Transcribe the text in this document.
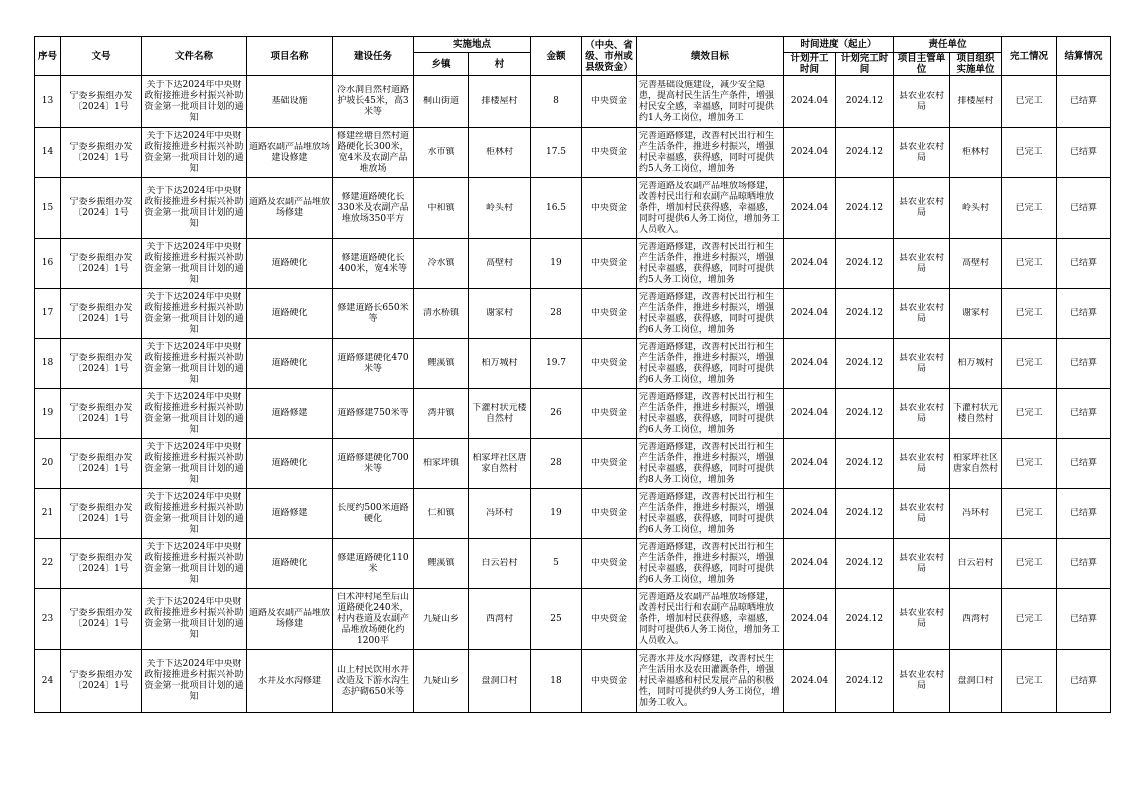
序号	文号	文件名称	项目名称	建设任务	实施地点		金额	（中央、省级、市州或县级资金）	绩效目标	时间进度（起止）		责任单位		完工情况	结算情况
					乡镇	村				计划开工时间	计划完工时间	项目主管单位	项目组织实施单位		

13	宁委乡振组办发〔2024〕1号	关于下达2024年中央财政衔接推进乡村振兴补助资金第一批项目计划的通知	基础设施	冷水洞自然村道路护坡长45米，高3米等	桐山街道	排楼屋村	8	中央资金	完善基础设施建设，减少安全隐患，提高村民生活生产条件，增强村民安全感，幸福感，同时可提供约1人务工岗位，增加务工	2024.04	2024.12	县农业农村局	排楼屋村	已完工	已结算

14	宁委乡振组办发〔2024〕1号	关于下达2024年中央财政衔接推进乡村振兴补助资金第一批项目计划的通知	道路农副产品堆放场建设修建	修建丝塘自然村道路硬化长300米，宽4米及农副产品堆放场	水市镇	柜林村	17.5	中央资金	完善道路修建，改善村民出行和生产生活条件，推进乡村振兴，增强村民幸福感，获得感，同时可提供约5人务工岗位，增加务	2024.04	2024.12	县农业农村局	柜林村	已完工	已结算

15	宁委乡振组办发〔2024〕1号	关于下达2024年中央财政衔接推进乡村振兴补助资金第一批项目计划的通知	道路及农副产品堆放场修建	修建道路硬化长330米及农副产品堆放场350平方	中和镇	岭头村	16.5	中央资金	完善道路及农副产品堆放场修建，改善村民出行和农副产品晾晒堆放条件，增加村民获得感，幸福感，同时可提供6人务工岗位，增加务工人员收入。	2024.04	2024.12	县农业农村局	岭头村	已完工	已结算

16	宁委乡振组办发〔2024〕1号	关于下达2024年中央财政衔接推进乡村振兴补助资金第一批项目计划的通知	道路硬化	修建道路硬化长400米，宽4米等	冷水镇	高壁村	19	中央资金	完善道路修建，改善村民出行和生产生活条件，推进乡村振兴，增强村民幸福感，获得感，同时可提供约5人务工岗位，增加务	2024.04	2024.12	县农业农村局	高壁村	已完工	已结算

17	宁委乡振组办发〔2024〕1号	关于下达2024年中央财政衔接推进乡村振兴补助资金第一批项目计划的通知	道路硬化	修建道路长650米等	清水桥镇	谢家村	28	中央资金	完善道路修建，改善村民出行和生产生活条件，推进乡村振兴，增强村民幸福感，获得感，同时可提供约6人务工岗位，增加务	2024.04	2024.12	县农业农村局	谢家村	已完工	已结算

18	宁委乡振组办发〔2024〕1号	关于下达2024年中央财政衔接推进乡村振兴补助资金第一批项目计划的通知	道路硬化	道路修建硬化470米等	鲤溪镇	柏万城村	19.7	中央资金	完善道路修建，改善村民出行和生产生活条件，推进乡村振兴，增强村民幸福感，获得感，同时可提供约6人务工岗位，增加务	2024.04	2024.12	县农业农村局	柏万城村	已完工	已结算

19	宁委乡振组办发〔2024〕1号	关于下达2024年中央财政衔接推进乡村振兴补助资金第一批项目计划的通知	道路修建	道路修建750米等	湾井镇	下灌村状元楼自然村	26	中央资金	完善道路修建，改善村民出行和生产生活条件，推进乡村振兴，增强村民幸福感，获得感，同时可提供约6人务工岗位，增加务	2024.04	2024.12	县农业农村局	下灌村状元楼自然村	已完工	已结算

20	宁委乡振组办发〔2024〕1号	关于下达2024年中央财政衔接推进乡村振兴补助资金第一批项目计划的通知	道路硬化	道路修建硬化700米等	柏家坪镇	柏家坪社区唐家自然村	28	中央资金	完善道路修建，改善村民出行和生产生活条件，推进乡村振兴，增强村民幸福感，获得感，同时可提供约8人务工岗位，增加务	2024.04	2024.12	县农业农村局	柏家坪社区唐家自然村	已完工	已结算

21	宁委乡振组办发〔2024〕1号	关于下达2024年中央财政衔接推进乡村振兴补助资金第一批项目计划的通知	道路修建	长度约500米道路硬化	仁和镇	冯环村	19	中央资金	完善道路修建，改善村民出行和生产生活条件，推进乡村振兴，增强村民幸福感，获得感，同时可提供约6人务工岗位，增加务	2024.04	2024.12	县农业农村局	冯环村	已完工	已结算

22	宁委乡振组办发〔2024〕1号	关于下达2024年中央财政衔接推进乡村振兴补助资金第一批项目计划的通知	道路硬化	修建道路硬化110米	鲤溪镇	白云岩村	5	中央资金	完善道路修建，改善村民出行和生产生活条件，推进乡村振兴，增强村民幸福感，获得感，同时可提供约6人务工岗位，增加务	2024.04	2024.12	县农业农村局	白云岩村	已完工	已结算

23	宁委乡振组办发〔2024〕1号	关于下达2024年中央财政衔接推进乡村振兴补助资金第一批项目计划的通知	道路及农副产品堆放场修建	白术冲村尾至后山道路硬化240米，村内巷道及农副产品堆放场硬化约1200平	九疑山乡	西湾村	25	中央资金	完善道路及农副产品堆放场修建，改善村民出行和农副产品晾晒堆放条件，增加村民获得感，幸福感，同时可提供6人务工岗位，增加务工人员收入。	2024.04	2024.12	县农业农村局	西湾村	已完工	已结算

24	宁委乡振组办发〔2024〕1号	关于下达2024年中央财政衔接推进乡村振兴补助资金第一批项目计划的通知	水井及水沟修建	山上村民饮用水井改造及下游水沟生态护砌650米等	九疑山乡	盘洞口村	18	中央资金	完善水井及水沟修建，改善村民生产生活用水及农田灌溉条件，增强村民幸福感和村民发展产品的积极性，同时可提供约9人务工岗位，增加务工收入。	2024.04	2024.12	县农业农村局	盘洞口村	已完工	已结算
